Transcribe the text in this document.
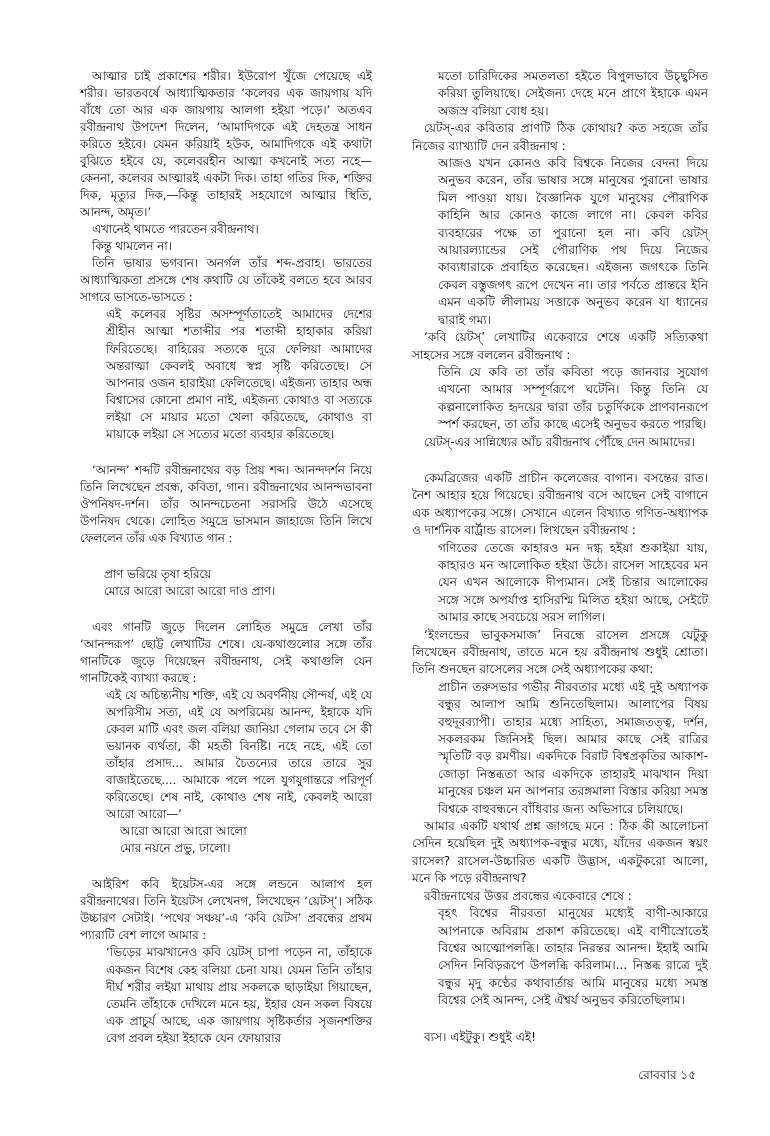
আত্মার চাই প্রকাশের শরীর। ইউরোপ খুঁজে পেয়েছে এই শরীর। ভারতবর্ষে আধ্যাত্মিকতার ‘কলেবর এক জায়গায় যদি বাঁধে তো আর এক জায়গায় আলগা হইয়া পড়ে।’ অতএব রবীন্দ্রনাথ উপদেশ দিলেন, ‘আমাদিগকে এই দেহতন্ত্র সাধন করিতে হইবে। যেমন করিয়াই হউক, আমাদিগকে এই কথাটা বুঝিতে হইবে যে, কলেবরহীন আত্মা কখনোই সত্য নহে—কেননা, কলেবর আত্মারই একটা দিক। তাহা গতির দিক, শক্তির দিক, মৃত্যুর দিক,—কিন্তু তাহারই সহযোগে আত্মার স্থিতি, আনন্দ, অমৃত।’

এখানেই থামতে পারতেন রবীন্দ্রনাথ।

কিন্তু থামলেন না।

তিনি ভাষার ভগবান। অনর্গল তাঁর শব্দ-প্রবাহ। ভারতের আধ্যাত্মিকতা প্রসঙ্গে শেষ কথাটি যে তাঁকেই বলতে হবে আরব সাগরে ভাসতে-ভাসতে :

এই কলেবর সৃষ্টির অসম্পূর্ণতাতেই আমাদের দেশের শ্রীহীন আত্মা শতাব্দীর পর শতাব্দী হাহাকার করিয়া ফিরিতেছে। বাহিরের সত্যকে দূরে ফেলিয়া আমাদের অন্তরাত্মা কেবলই অবাধে স্বপ্ন সৃষ্টি করিতেছে। সে আপনার ওজন হারাইয়া ফেলিতেছে। এইজন্য তাহার অন্ধ বিশ্বাসের কোনো প্রমাণ নাই, এইজন্য কোথাও বা সত্যকে লইয়া সে মায়ার মতো খেলা করিতেছে, কোথাও বা মায়াকে লইয়া সে সত্যের মতো ব্যবহার করিতেছে।

‘আনন্দ’ শব্দটি রবীন্দ্রনাথের বড় প্রিয় শব্দ। আনন্দদর্শন নিয়ে তিনি লিখেছেন প্রবন্ধ, কবিতা, গান। রবীন্দ্রনাথের আনন্দভাবনা ঔপনিষদ-দর্শন। তাঁর আনন্দচেতনা সরাসরি উঠে এসেছে উপনিষদ থেকে। লোহিত সমুদ্রে ভাসমান জাহাজে তিনি লিখে ফেললেন তাঁর এক বিখ্যাত গান :

প্রাণ ভরিয়ে তৃষা হরিয়ে

মোরে আরো আরো আরো দাও প্রাণ।

এবং গানটি জুড়ে দিলেন লোহিত সমুদ্রে লেখা তাঁর ‘আনন্দরূপ’ ছোট্ট লেখাটির শেষে। যে-কথাগুলোর সঙ্গে তাঁর গানটিকে জুড়ে দিয়েছেন রবীন্দ্রনাথ, সেই কথাগুলি যেন গানটিকেই ব্যাখ্যা করছে :

এই যে অচিন্ত্যনীয় শক্তি, এই যে অবর্ণনীয় সৌন্দর্য, এই যে অপরিসীম সত্য, এই যে অপরিমেয় আনন্দ, ইহাকে যদি কেবল মাটি এবং জল বলিয়া জানিয়া গেলাম তবে সে কী ভয়ানক ব্যর্থতা, কী মহতী বিনষ্টি। নহে নহে, এই তো তাঁহার প্রসাদ... আমার চৈতন্যের তারে তারে সুর বাজাইতেছে.... আমাকে পলে পলে যুগযুগান্তরে পরিপূর্ণ করিতেছে। শেষ নাই, কোথাও শেষ নাই, কেবলই আরো আরো আরো—’

আরো আরো আরো আলো

মোর নয়নে প্রভু, ঢালো।

আইরিশ কবি ইয়েটস-এর সঙ্গে লন্ডনে আলাপ হল রবীন্দ্রনাথের। তিনি ইয়েটস লেখেনগ, লিখেছেন ‘য়েটস্’। সঠিক উচ্চারণ সেটাই। ‘পথের সঞ্চয়’-এ ‘কবি য়েটস’ প্রবন্ধের প্রথম প্যারাটি বেশ লাগে আমার :

‘ভিড়ের মাঝখানেও কবি য়েটস্ চাপা পড়েন না, তাঁহাকে একজন বিশেষ কেহ বলিয়া চেনা যায়। যেমন তিনি তাঁহার দীর্ঘ শরীর লইয়া মাথায় প্রায় সকলকে ছাড়াইয়া গিয়াছেন, তেমনি তাঁহাকে দেখিলে মনে হয়, ইহার যেন সকল বিষয়ে এক প্রাচুর্য আছে, এক জায়গায় সৃষ্টিকর্তার সৃজনশক্তির বেগ প্রবল হইয়া ইহাকে যেন ফোয়ারার

মতো চারিদিকের সমতলতা হইতে বিপুলভাবে উচ্ছ্বসিত করিয়া তুলিয়াছে। সেইজন্য দেহে মনে প্রাণে ইহাকে এমন অজস্র বলিয়া বোধ হয়।

য়েটস্-এর কবিতার প্রাণটি ঠিক কোথায়? কত সহজে তাঁর নিজের ব্যাখ্যাটি দেন রবীন্দ্রনাথ :

আজও যখন কোনও কবি বিশ্বকে নিজের বেদনা দিয়ে অনুভব করেন, তাঁর ভাষার সঙ্গে মানুষের পুরানো ভাষার মিল পাওয়া যায়। বৈজ্ঞানিক যুগে মানুষের পৌরাণিক কাহিনি আর কোনও কাজে লাগে না। কেবল কবির ব্যবহারের পক্ষে তা পুরানো হল না। কবি য়েটস্ আয়ারল্যান্ডের সেই পৌরাণিক পথ দিয়ে নিজের কাব্যধারাকে প্রবাহিত করেছেন। এইজন্য জগৎকে তিনি কেবল বস্তুজগৎ রূপে দেখেন না। তার পর্বতে প্রান্তরে ইনি এমন একটি লীলাময় সত্তাকে অনুভব করেন যা ধ্যানের দ্বারাই গম্য।

‘কবি য়েটস্’ লেখাটির একেবারে শেষে একটি সত্যিকথা সাহসের সঙ্গে বললেন রবীন্দ্রনাথ :

তিনি যে কবি তা তাঁর কবিতা পড়ে জানবার সুযোগ এখনো আমার সম্পূর্ণরূপে ঘটেনি। কিন্তু তিনি যে কল্পনালোকিত হৃদয়ের দ্বারা তাঁর চতুর্দিককে প্রাণবানরূপে স্পর্শ করছেন, তা তাঁর কাছে এসেই অনুভব করতে পারছি।

য়েটস্-এর সান্নিধ্যের আঁচ রবীন্দ্রনাথ পৌঁছে দেন আমাদের।

কেমব্রিজের একটি প্রাচীন কলেজের বাগান। বসন্তের রাত। নৈশ আহার হয়ে গিয়েছে। রবীন্দ্রনাথ বসে আছেন সেই বাগানে এক অধ্যাপকের সঙ্গে। সেখানে এলেন বিখ্যাত গণিত-অধ্যাপক ও দার্শনিক বার্ট্রান্ড রাসেল। লিখছেন রবীন্দ্রনাথ :

গণিতের তেজে কাহারও মন দগ্ধ হইয়া শুকাইয়া যায়, কাহারও মন আলোকিত হইয়া উঠে। রাসেল সাহেবের মন যেন এখন আলোকে দীপ্যমান। সেই চিন্তার আলোকের সঙ্গে সঙ্গে অপর্যাপ্ত হাসিরশ্মি মিলিত হইয়া আছে, সেইটে আমার কাছে সবচেয়ে সরস লাগিল।

‘ইংলন্ডের ভাবুকসমাজ’ নিবন্ধে রাসেল প্রসঙ্গে যেটুকু লিখেছেন রবীন্দ্রনাথ, তাতে মনে হয় রবীন্দ্রনাথ শুধুই শ্রোতা। তিনি শুনছেন রাসেলের সঙ্গে সেই অধ্যাপকের কথা:

প্রাচীন তরুসভার গভীর নীরবতার মধ্যে এই দুই অধ্যাপক বন্ধুর আলাপ আমি শুনিতেছিলাম। আলাপের বিষয় বহুদূরব্যাপী। তাহার মধ্যে সাহিত্য, সমাজতত্ত্ব, দর্শন, সকলরকম জিনিসই ছিল। আমার কাছে সেই রাত্রির স্মৃতিটি বড় রমণীয়। একদিকে বিরাট বিশ্বপ্রকৃতির আকাশ-জোড়া নিস্তব্ধতা আর একদিকে তাহারই মাঝখান দিয়া মানুষের চঞ্চল মন আপনার তরঙ্গমালা বিস্তার করিয়া সমস্ত বিশ্বকে বাহুবন্ধনে বাঁধিবার জন্য অভিসারে চলিয়াছে।

আমার একটি যথার্থ প্রশ্ন জাগছে মনে : ঠিক কী আলোচনা সেদিন হয়েছিল দুই অধ্যাপক-বন্ধুর মধ্যে, যাঁদের একজন স্বয়ং রাসেল? রাসেল-উচ্চারিত একটি উদ্ভাস, একটুকরো আলো, মনে কি পড়ে রবীন্দ্রনাথ?

রবীন্দ্রনাথের উত্তর প্রবন্ধের একেবারে শেষে :

বৃহৎ বিশ্বের নীরবতা মানুষের মধ্যেই বাণী-আকারে আপনাকে অবিরাম প্রকাশ করিতেছে। এই বাণীস্রোতেই বিশ্বের আত্মোপলব্ধি। তাহার নিরন্তর আনন্দ। ইহাই আমি সেদিন নিবিড়রূপে উপলব্ধি করিলাম।... নিস্তব্ধ রাত্রে দুই বন্ধুর মৃদু কণ্ঠের কথাবার্তায় আমি মানুষের মধ্যে সমস্ত বিশ্বের সেই আনন্দ, সেই ঐশ্বর্য অনুভব করিতেছিলাম।

ব্যস। এইটুকু। শুধুই এই!

রোববার ১৫
